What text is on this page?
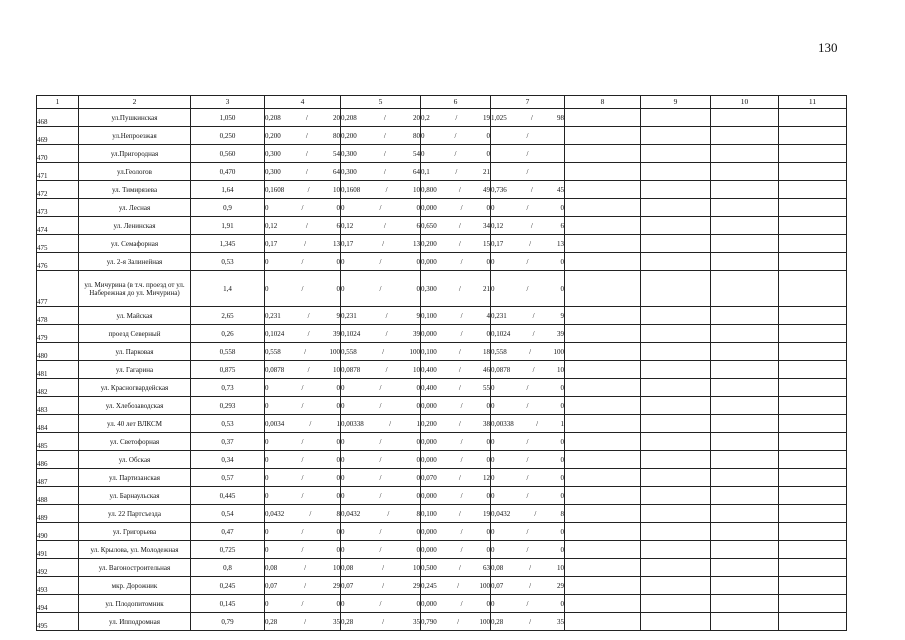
130
1	2	3	4	5	6	7	8	9	10	11
468	ул.Пушкинская	1,050	0,208 / 20	0,208 / 20	0,2 / 19	1,025 / 98				

469	ул.Непроезжая	0,250	0,200 / 80	0,200 / 80	0 / 0	/				

470	ул.Пригородная	0,560	0,300 / 54	0,300 / 54	0 / 0	/				

471	ул.Геологов	0,470	0,300 / 64	0,300 / 64	0,1 / 21	/				

472	ул. Тимирязева	1,64	0,1608 / 10	0,1608 / 10	0,800 / 49	0,736 / 45				

473	ул. Лесная	0,9	0 / 0	0 / 0	0,000 / 0	0 / 0				

474	ул. Ленинская	1,91	0,12 / 6	0,12 / 6	0,650 / 34	0,12 / 6				

475	ул. Семафорная	1,345	0,17 / 13	0,17 / 13	0,200 / 15	0,17 / 13				

476	ул. 2-я Залинейная	0,53	0 / 0	0 / 0	0,000 / 0	0 / 0				

477	ул. Мичурина (в т.ч. проезд от ул. Набережная до ул. Мичурина)	1,4	0 / 0	0 / 0	0,300 / 21	0 / 0				

478	ул. Майская	2,65	0,231 / 9	0,231 / 9	0,100 / 4	0,231 / 9				

479	проезд Северный	0,26	0,1024 / 39	0,1024 / 39	0,000 / 0	0,1024 / 39				

480	ул. Парковая	0,558	0,558 / 100	0,558 / 100	0,100 / 18	0,558 / 100				

481	ул. Гагарина	0,875	0,0878 / 10	0,0878 / 10	0,400 / 46	0,0878 / 10				

482	ул. Красногвардейская	0,73	0 / 0	0 / 0	0,400 / 55	0 / 0				

483	ул. Хлебозаводская	0,293	0 / 0	0 / 0	0,000 / 0	0 / 0				

484	ул. 40 лет ВЛКСМ	0,53	0,0034 / 1	0,00338 / 1	0,200 / 38	0,00338 / 1				

485	ул. Светофорная	0,37	0 / 0	0 / 0	0,000 / 0	0 / 0				

486	ул. Обская	0,34	0 / 0	0 / 0	0,000 / 0	0 / 0				

487	ул. Партизанская	0,57	0 / 0	0 / 0	0,070 / 12	0 / 0				

488	ул. Барнаульская	0,445	0 / 0	0 / 0	0,000 / 0	0 / 0				

489	ул. 22 Партсъезда	0,54	0,0432 / 8	0,0432 / 8	0,100 / 19	0,0432 / 8				

490	ул. Григорьева	0,47	0 / 0	0 / 0	0,000 / 0	0 / 0				

491	ул. Крылова, ул. Молодежная	0,725	0 / 0	0 / 0	0,000 / 0	0 / 0				

492	ул. Вагоностроительная	0,8	0,08 / 10	0,08 / 10	0,500 / 63	0,08 / 10				

493	мкр. Дорожник	0,245	0,07 / 29	0,07 / 29	0,245 / 100	0,07 / 29				

494	ул. Плодопитомник	0,145	0 / 0	0 / 0	0,000 / 0	0 / 0				

495	ул. Ипподромная	0,79	0,28 / 35	0,28 / 35	0,790 / 100	0,28 / 35				
